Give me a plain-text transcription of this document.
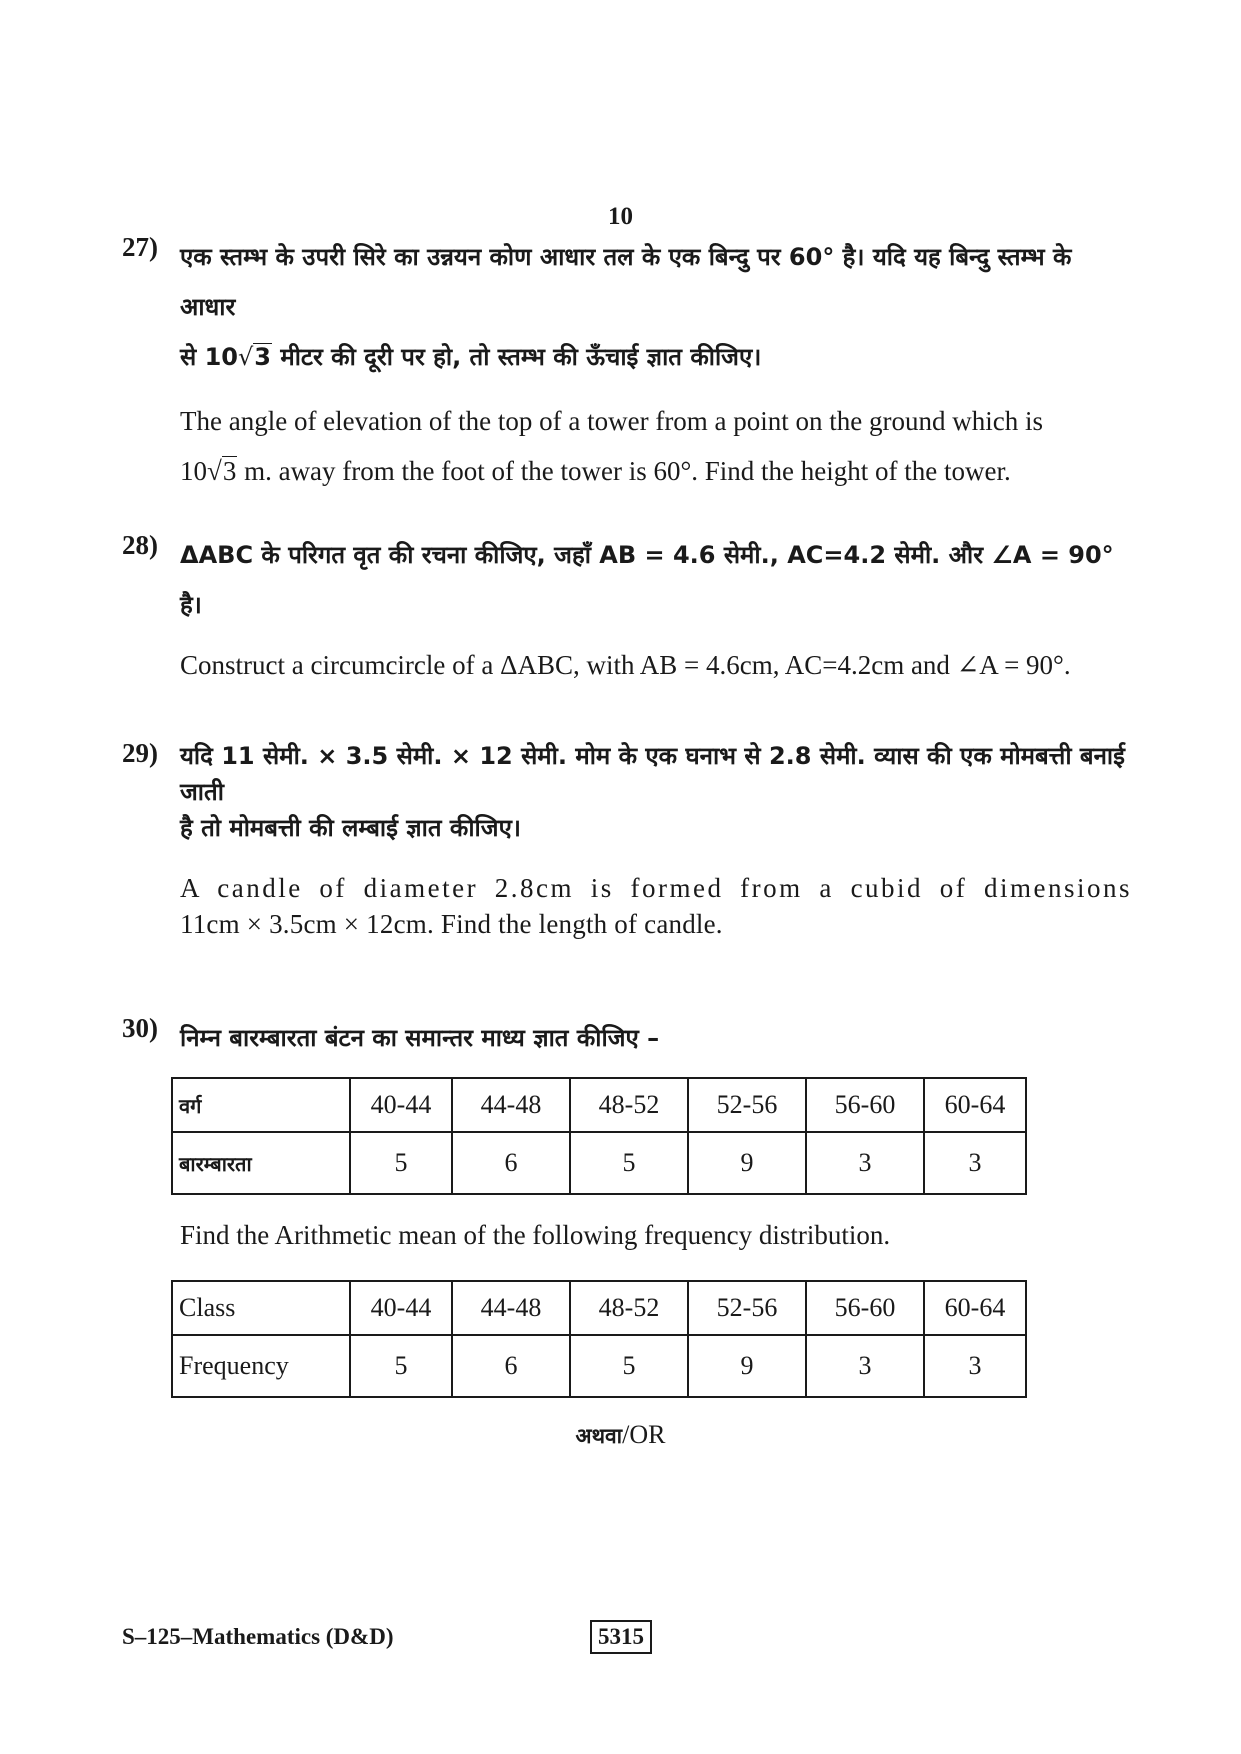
10
27) एक स्तम्भ के उपरी सिरे का उन्नयन कोण आधार तल के एक बिन्दु पर 60° है। यदि यह बिन्दु स्तम्भ के आधार
से 10√3 मीटर की दूरी पर हो, तो स्तम्भ की ऊँचाई ज्ञात कीजिए।
The angle of elevation of the top of a tower from a point on the ground which is
10√3 m. away from the foot of the tower is 60°. Find the height of the tower.
28) ΔABC के परिगत वृत की रचना कीजिए, जहाँ AB = 4.6 सेमी., AC=4.2 सेमी. और ∠A = 90° है।
Construct a circumcircle of a ΔABC, with AB = 4.6cm, AC=4.2cm and ∠A = 90°.
29) यदि 11 सेमी. × 3.5 सेमी. × 12 सेमी. मोम के एक घनाभ से 2.8 सेमी. व्यास की एक मोमबत्ती बनाई जाती
है तो मोमबत्ती की लम्बाई ज्ञात कीजिए।
A candle of diameter 2.8cm is formed from a cubid of dimensions
11cm × 3.5cm × 12cm. Find the length of candle.
30) निम्न बारम्बारता बंटन का समान्तर माध्य ज्ञात कीजिए –
वर्ग	40-44	44-48	48-52	52-56	56-60	60-64
बारम्बारता	5	6	5	9	3	3
Find the Arithmetic mean of the following frequency distribution.
Class	40-44	44-48	48-52	52-56	56-60	60-64
Frequency	5	6	5	9	3	3
अथवा/OR
S–125–Mathematics (D&D)	5315
